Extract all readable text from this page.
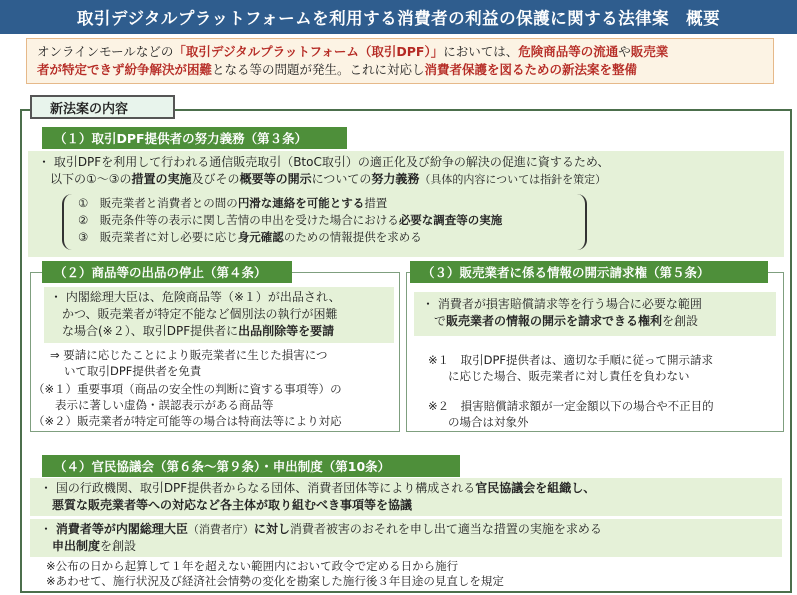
取引デジタルプラットフォームを利用する消費者の利益の保護に関する法律案　概要
オンラインモールなどの「取引デジタルプラットフォーム（取引DPF）」においては、危険商品等の流通や販売業
者が特定できず紛争解決が困難となる等の問題が発生。これに対応し消費者保護を図るための新法案を整備
新法案の内容
（１）取引DPF提供者の努力義務（第３条）
・ 取引DPFを利用して行われる通信販売取引（BtoC取引）の適正化及び紛争の解決の促進に資するため、
以下の①～③の措置の実施及びその概要等の開示についての努力義務（具体的内容については指針を策定）
①　販売業者と消費者との間の円滑な連絡を可能とする措置
②　販売条件等の表示に関し苦情の申出を受けた場合における必要な調査等の実施
③　販売業者に対し必要に応じ身元確認のための情報提供を求める
（２）商品等の出品の停止（第４条）
・ 内閣総理大臣は、危険商品等（※１）が出品され、
かつ、販売業者が特定不能など個別法の執行が困難
な場合(※２）、取引DPF提供者に出品削除等を要請
⇒ 要請に応じたことにより販売業者に生じた損害につ
いて取引DPF提供者を免責
（※１）重要事項（商品の安全性の判断に資する事項等）の
表示に著しい虚偽・誤認表示がある商品等
（※２）販売業者が特定可能等の場合は特商法等により対応
（３）販売業者に係る情報の開示請求権（第５条）
・ 消費者が損害賠償請求等を行う場合に必要な範囲
で販売業者の情報の開示を請求できる権利を創設
※１　取引DPF提供者は、適切な手順に従って開示請求
に応じた場合、販売業者に対し責任を負わない
※２　損害賠償請求額が一定金額以下の場合や不正目的
の場合は対象外
（４）官民協議会（第６条～第９条）・申出制度（第10条）
・ 国の行政機関、取引DPF提供者からなる団体、消費者団体等により構成される官民協議会を組織し、
悪質な販売業者等への対応など各主体が取り組むべき事項等を協議
・ 消費者等が内閣総理大臣（消費者庁）に対し消費者被害のおそれを申し出て適当な措置の実施を求める
申出制度を創設
※公布の日から起算して１年を超えない範囲内において政令で定める日から施行
※あわせて、施行状況及び経済社会情勢の変化を勘案した施行後３年目途の見直しを規定
